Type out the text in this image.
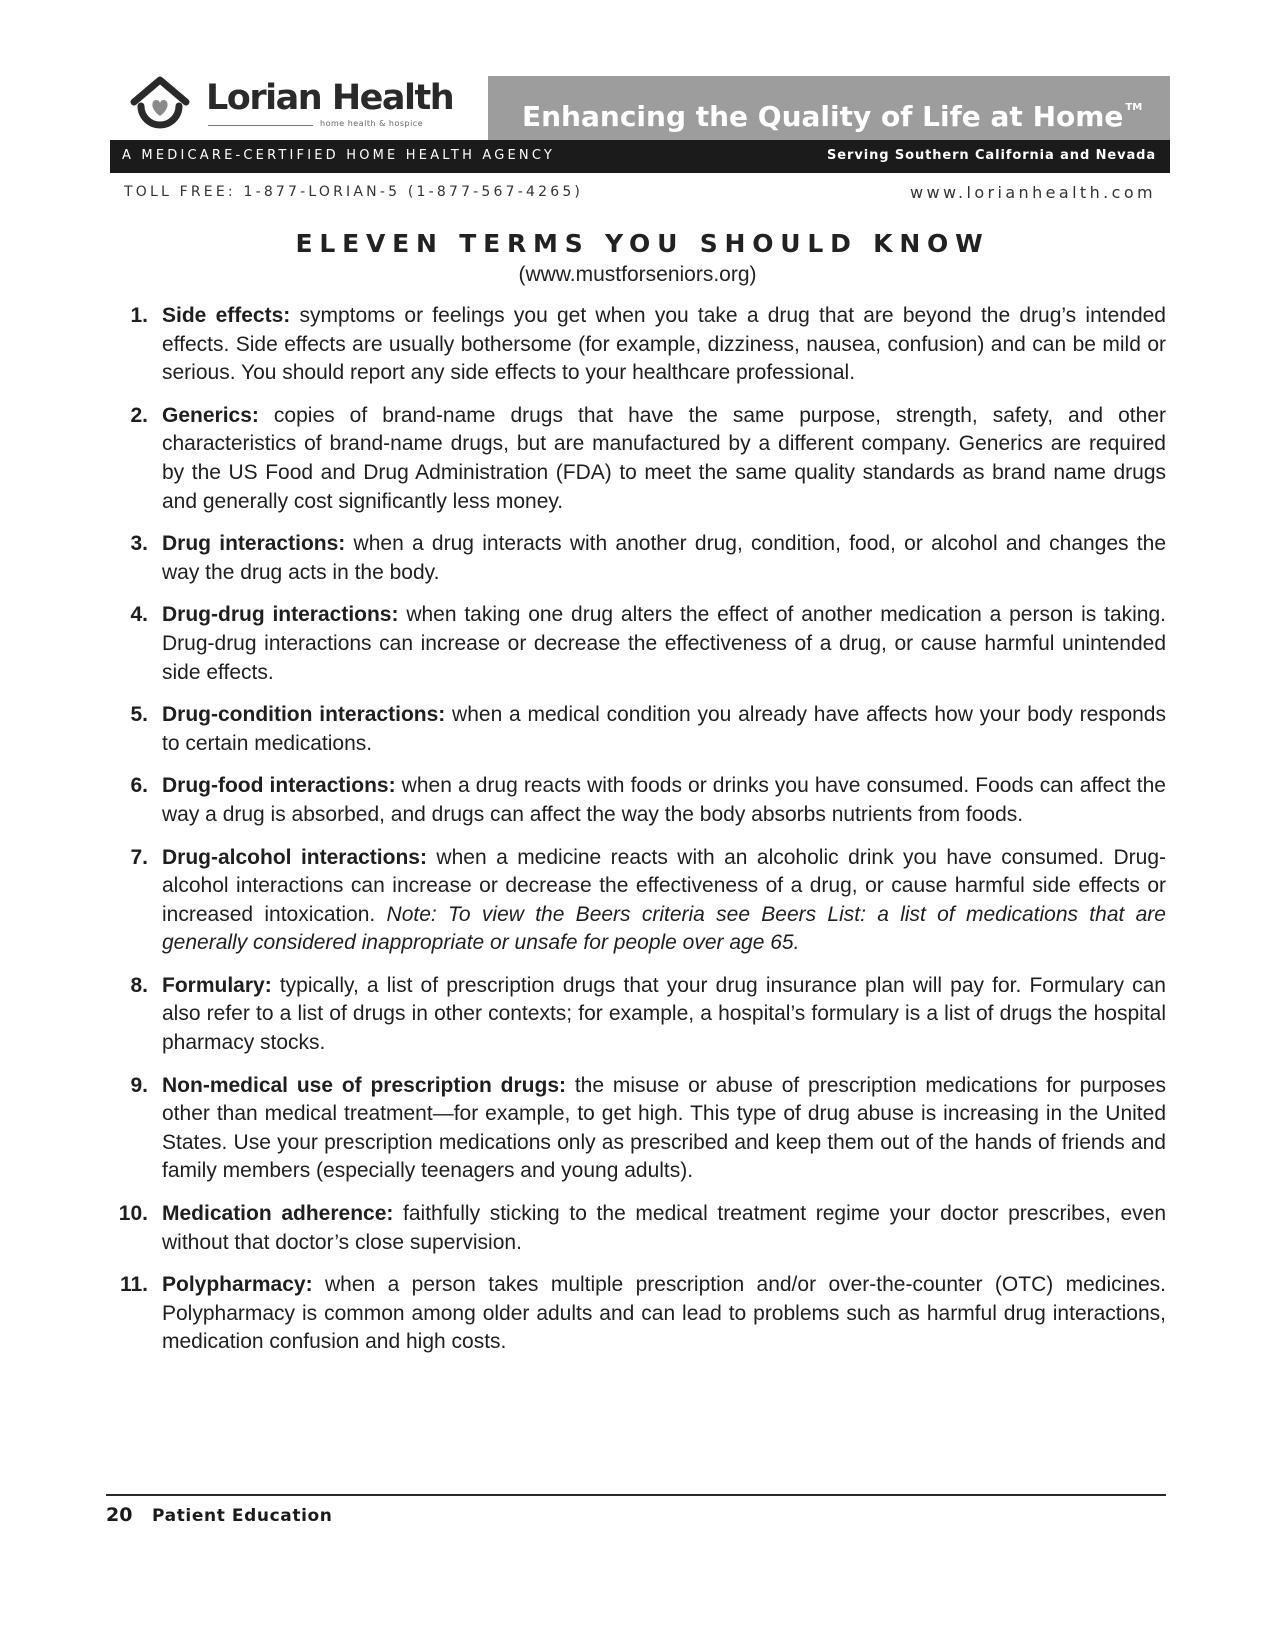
Lorian Health
home health & hospice	Enhancing the Quality of Life at Home ™
A MEDICARE-CERTIFIED HOME HEALTH AGENCY	Serving Southern California and Nevada
TOLL FREE: 1-877-LORIAN-5 (1-877-567-4265)	www.lorianhealth.com
ELEVEN TERMS YOU SHOULD KNOW
(www.mustforseniors.org)
1. Side effects: symptoms or feelings you get when you take a drug that are beyond the drug’s intended effects. Side effects are usually bothersome (for example, dizziness, nausea, confusion) and can be mild or serious. You should report any side effects to your healthcare professional.
2. Generics: copies of brand-name drugs that have the same purpose, strength, safety, and other characteristics of brand-name drugs, but are manufactured by a different company. Generics are required by the US Food and Drug Administration (FDA) to meet the same quality standards as brand name drugs and generally cost significantly less money.
3. Drug interactions: when a drug interacts with another drug, condition, food, or alcohol and changes the way the drug acts in the body.
4. Drug-drug interactions: when taking one drug alters the effect of another medication a person is taking. Drug-drug interactions can increase or decrease the effectiveness of a drug, or cause harmful unintended side effects.
5. Drug-condition interactions: when a medical condition you already have affects how your body responds to certain medications.
6. Drug-food interactions: when a drug reacts with foods or drinks you have consumed. Foods can affect the way a drug is absorbed, and drugs can affect the way the body absorbs nutrients from foods.
7. Drug-alcohol interactions: when a medicine reacts with an alcoholic drink you have consumed. Drug-alcohol interactions can increase or decrease the effectiveness of a drug, or cause harmful side effects or increased intoxication. Note: To view the Beers criteria see Beers List: a list of medications that are generally considered inappropriate or unsafe for people over age 65.
8. Formulary: typically, a list of prescription drugs that your drug insurance plan will pay for. Formulary can also refer to a list of drugs in other contexts; for example, a hospital’s formulary is a list of drugs the hospital pharmacy stocks.
9. Non-medical use of prescription drugs: the misuse or abuse of prescription medications for purposes other than medical treatment—for example, to get high. This type of drug abuse is increasing in the United States. Use your prescription medications only as prescribed and keep them out of the hands of friends and family members (especially teenagers and young adults).
10. Medication adherence: faithfully sticking to the medical treatment regime your doctor prescribes, even without that doctor’s close supervision.
11. Polypharmacy: when a person takes multiple prescription and/or over-the-counter (OTC) medicines. Polypharmacy is common among older adults and can lead to problems such as harmful drug interactions, medication confusion and high costs.
20 Patient Education
